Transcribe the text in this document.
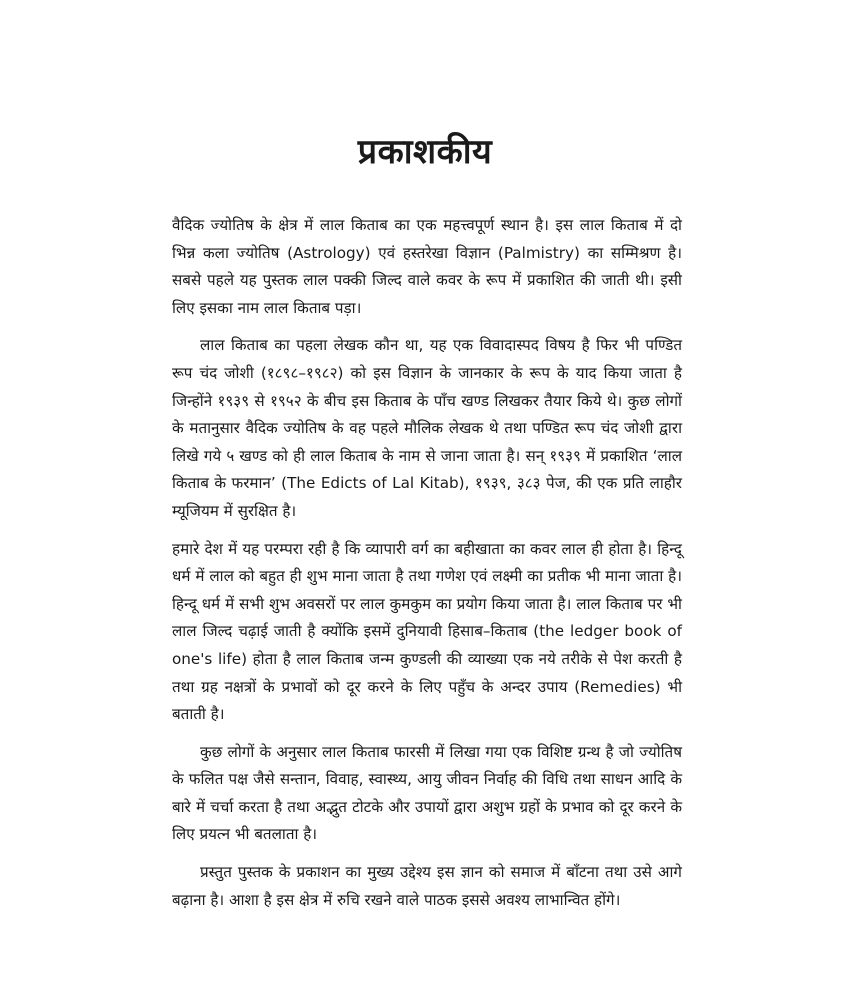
प्रकाशकीय

वैदिक ज्योतिष के क्षेत्र में लाल किताब का एक महत्त्वपूर्ण स्थान है। इस लाल किताब में दो भिन्न कला ज्योतिष (Astrology) एवं हस्तरेखा विज्ञान (Palmistry) का सम्मिश्रण है। सबसे पहले यह पुस्तक लाल पक्की जिल्द वाले कवर के रूप में प्रकाशित की जाती थी। इसी लिए इसका नाम लाल किताब पड़ा।

लाल किताब का पहला लेखक कौन था, यह एक विवादास्पद विषय है फिर भी पण्डित रूप चंद जोशी (१८९८–१९८२) को इस विज्ञान के जानकार के रूप के याद किया जाता है जिन्होंने १९३९ से १९५२ के बीच इस किताब के पाँच खण्ड लिखकर तैयार किये थे। कुछ लोगों के मतानुसार वैदिक ज्योतिष के वह पहले मौलिक लेखक थे तथा पण्डित रूप चंद जोशी द्वारा लिखे गये ५ खण्ड को ही लाल किताब के नाम से जाना जाता है। सन् १९३९ में प्रकाशित ‘लाल किताब के फरमान’ (The Edicts of Lal Kitab), १९३९, ३८३ पेज, की एक प्रति लाहौर म्यूजियम में सुरक्षित है।

हमारे देश में यह परम्परा रही है कि व्यापारी वर्ग का बहीखाता का कवर लाल ही होता है। हिन्दू धर्म में लाल को बहुत ही शुभ माना जाता है तथा गणेश एवं लक्ष्मी का प्रतीक भी माना जाता है। हिन्दू धर्म में सभी शुभ अवसरों पर लाल कुमकुम का प्रयोग किया जाता है। लाल किताब पर भी लाल जिल्द चढ़ाई जाती है क्योंकि इसमें दुनियावी हिसाब–किताब (the ledger book of one's life) होता है लाल किताब जन्म कुण्डली की व्याख्या एक नये तरीके से पेश करती है तथा ग्रह नक्षत्रों के प्रभावों को दूर करने के लिए पहुँच के अन्दर उपाय (Remedies) भी बताती है।

कुछ लोगों के अनुसार लाल किताब फारसी में लिखा गया एक विशिष्ट ग्रन्थ है जो ज्योतिष के फलित पक्ष जैसे सन्तान, विवाह, स्वास्थ्य, आयु जीवन निर्वाह की विधि तथा साधन आदि के बारे में चर्चा करता है तथा अद्भुत टोटके और उपायों द्वारा अशुभ ग्रहों के प्रभाव को दूर करने के लिए प्रयत्न भी बतलाता है।

प्रस्तुत पुस्तक के प्रकाशन का मुख्य उद्देश्य इस ज्ञान को समाज में बाँटना तथा उसे आगे बढ़ाना है। आशा है इस क्षेत्र में रुचि रखने वाले पाठक इससे अवश्य लाभान्वित होंगे।
